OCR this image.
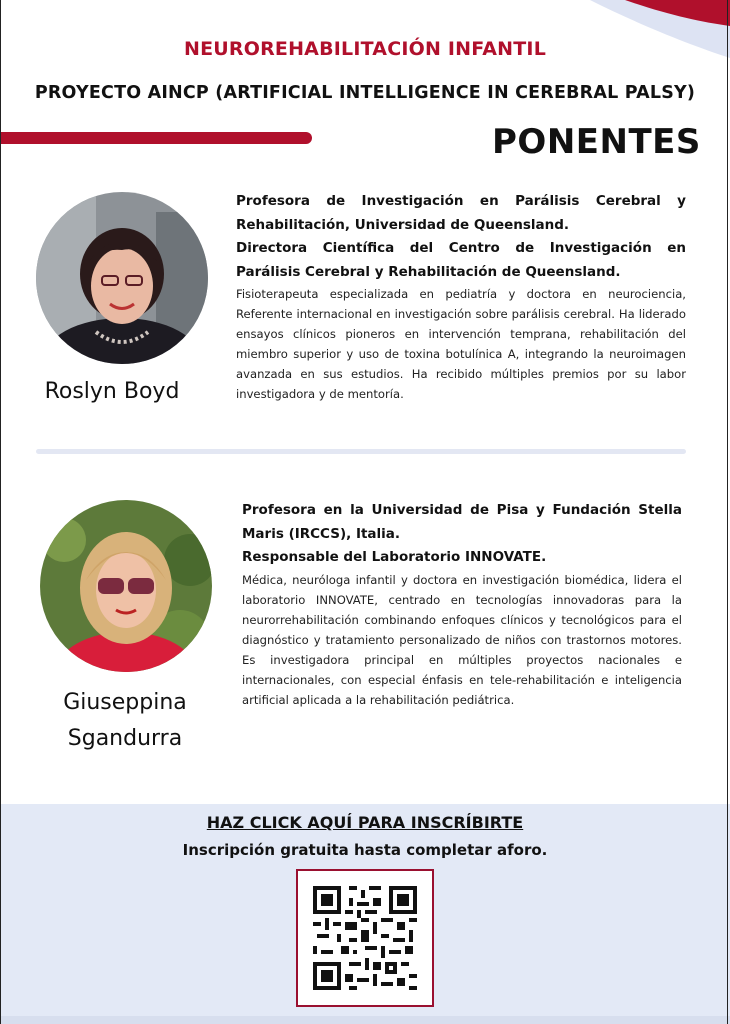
NEUROREHABILITACIÓN INFANTIL
PROYECTO AINCP (ARTIFICIAL INTELLIGENCE IN CEREBRAL PALSY)
PONENTES
Roslyn Boyd

Profesora de Investigación en Parálisis Cerebral y Rehabilitación, Universidad de Queensland.

Directora Científica del Centro de Investigación en Parálisis Cerebral y Rehabilitación de Queensland.

Fisioterapeuta especializada en pediatría y doctora en neurociencia, Referente internacional en investigación sobre parálisis cerebral. Ha liderado ensayos clínicos pioneros en intervención temprana, rehabilitación del miembro superior y uso de toxina botulínica A, integrando la neuroimagen avanzada en sus estudios. Ha recibido múltiples premios por su labor investigadora y de mentoría.

Giuseppina
Sgandurra

Profesora en la Universidad de Pisa y Fundación Stella Maris (IRCCS), Italia.

Responsable del Laboratorio INNOVATE.

Médica, neuróloga infantil y doctora en investigación biomédica, lidera el laboratorio INNOVATE, centrado en tecnologías innovadoras para la neurorrehabilitación combinando enfoques clínicos y tecnológicos para el diagnóstico y tratamiento personalizado de niños con trastornos motores. Es investigadora principal en múltiples proyectos nacionales e internacionales, con especial énfasis en tele-rehabilitación e inteligencia artificial aplicada a la rehabilitación pediátrica.

HAZ CLICK AQUÍ PARA INSCRÍBIRTE
Inscripción gratuita hasta completar aforo.
